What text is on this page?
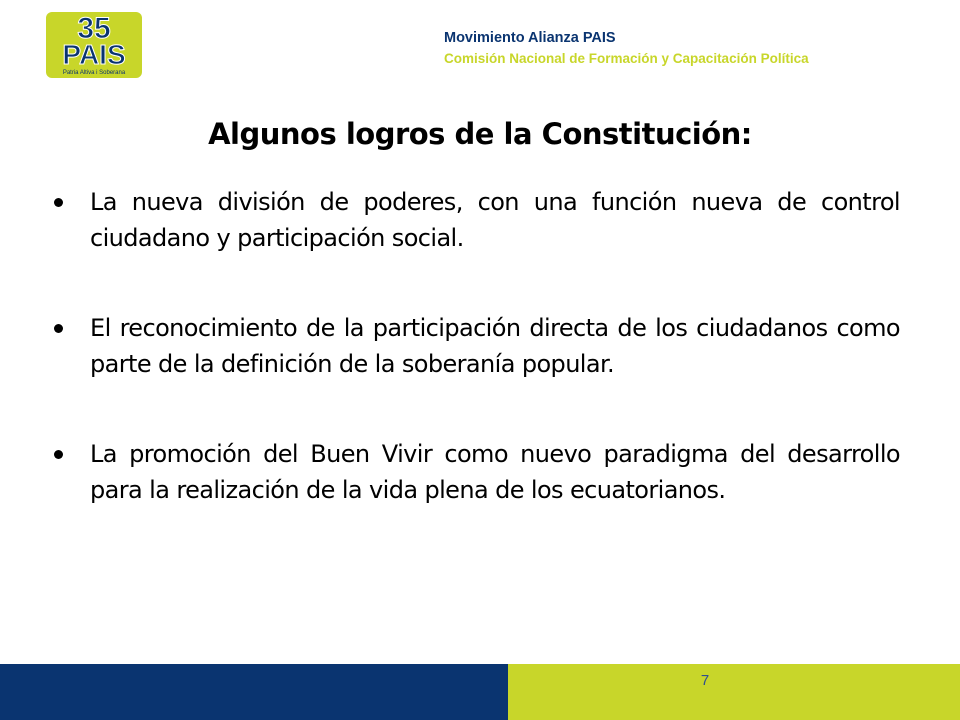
35
PAIS
Patria Altiva i Soberana
Movimiento Alianza PAIS
Comisión Nacional de Formación y Capacitación Política
Algunos logros de la Constitución:
La nueva división de poderes, con una función nueva de control ciudadano y participación social.
El reconocimiento de la participación directa de los ciudadanos como parte de la definición de la soberanía popular.
La promoción del Buen Vivir como nuevo paradigma del desarrollo para la realización de la vida plena de los ecuatorianos.
7
